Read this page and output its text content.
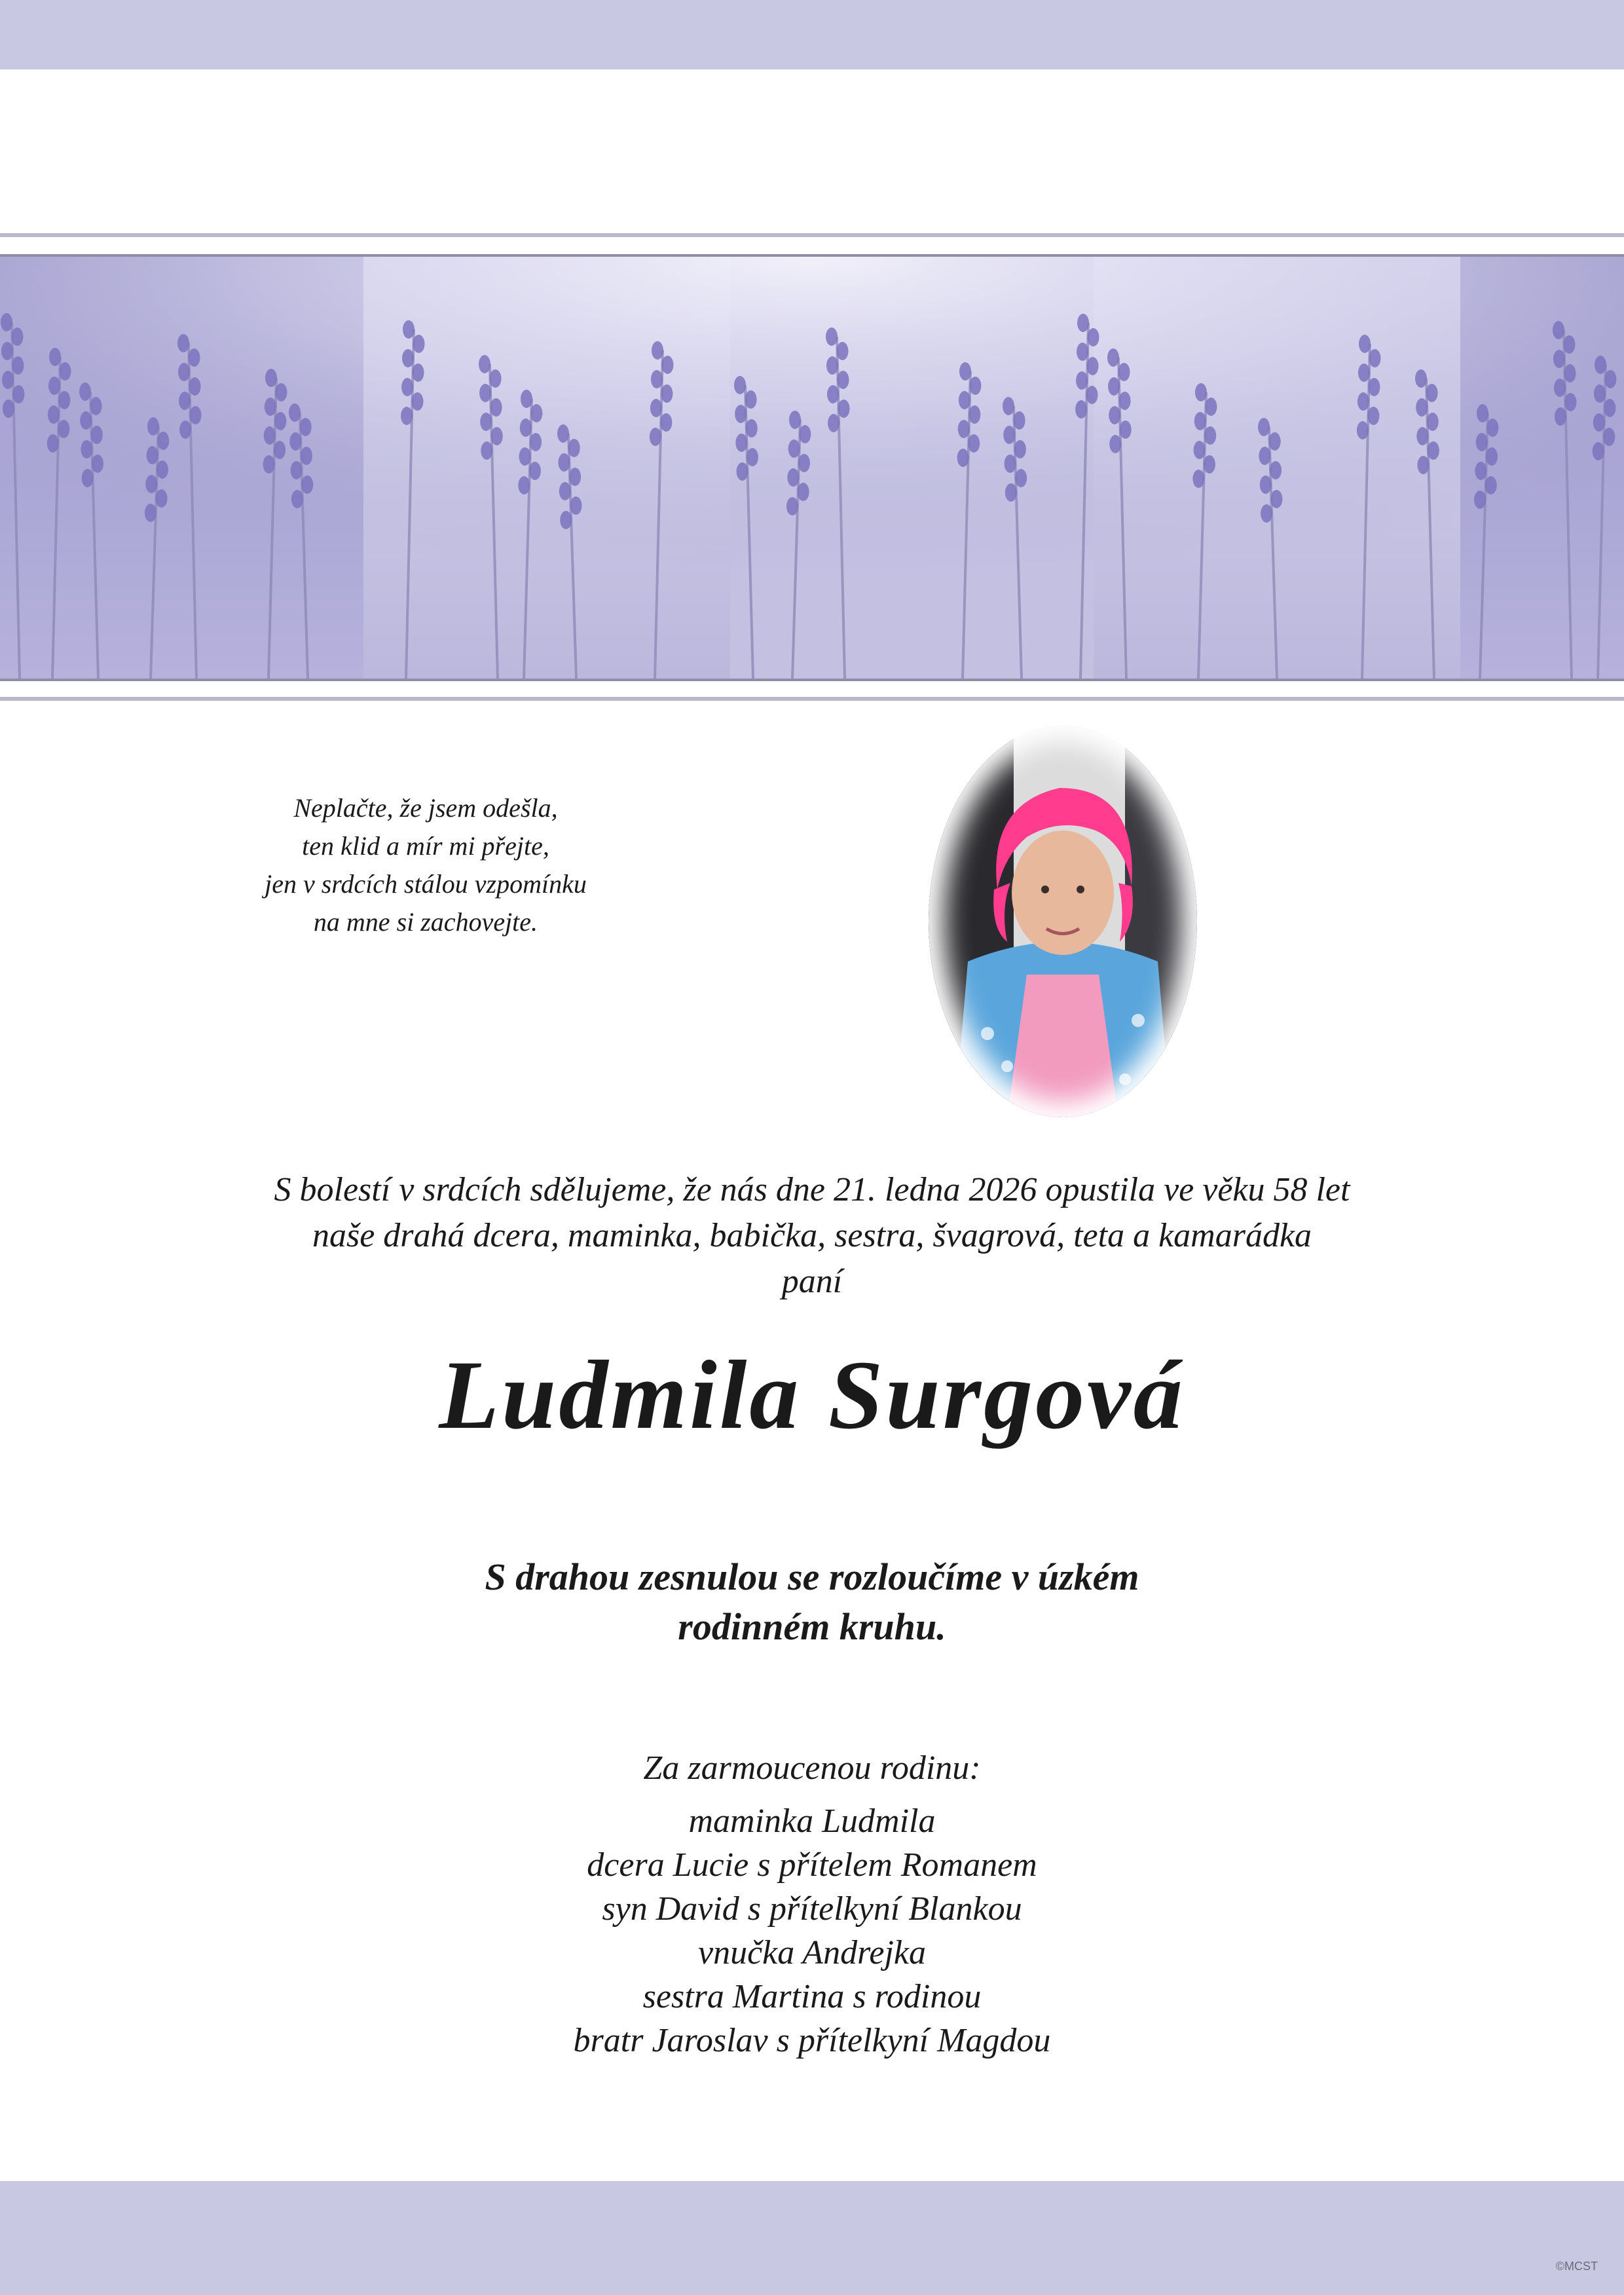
Neplačte, že jsem odešla,
ten klid a mír mi přejte,
jen v srdcích stálou vzpomínku
na mne si zachovejte.
S bolestí v srdcích sdělujeme, že nás dne 21. ledna 2026 opustila ve věku 58 let
naše drahá dcera, maminka, babička, sestra, švagrová, teta a kamarádka
paní
Ludmila Surgová
S drahou zesnulou se rozloučíme v úzkém
rodinném kruhu.
Za zarmoucenou rodinu:
maminka Ludmila
dcera Lucie s přítelem Romanem
syn David s přítelkyní Blankou
vnučka Andrejka
sestra Martina s rodinou
bratr Jaroslav s přítelkyní Magdou
©MCST
